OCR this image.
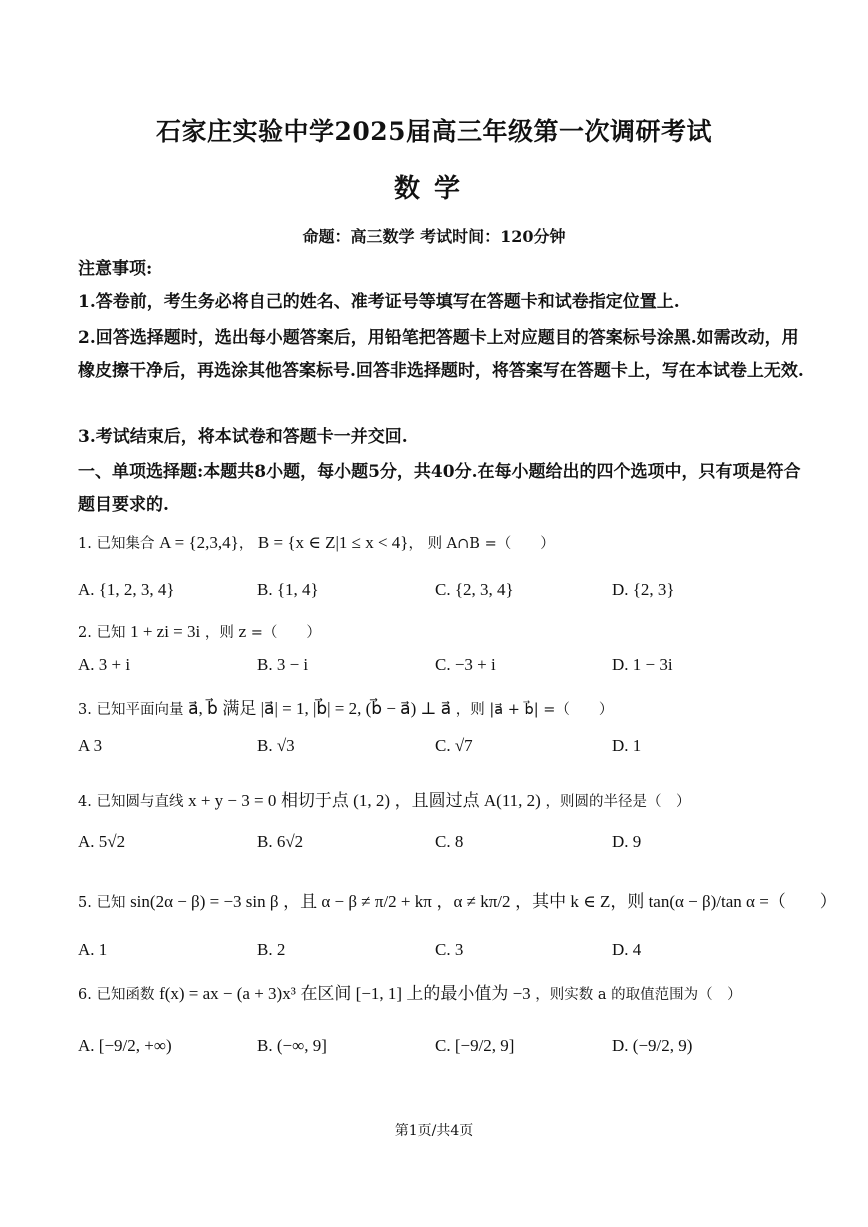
石家庄实验中学2025届高三年级第一次调研考试
数学
命题：高三数学 考试时间：120分钟
注意事项:
1.答卷前，考生务必将自己的姓名、准考证号等填写在答题卡和试卷指定位置上.
2.回答选择题时，选出每小题答案后，用铅笔把答题卡上对应题目的答案标号涂黑.如需改动，用橡皮擦干净后，再选涂其他答案标号.回答非选择题时，将答案写在答题卡上，写在本试卷上无效.
3.考试结束后，将本试卷和答题卡一并交回.
一、单项选择题:本题共8小题，每小题5分，共40分.在每小题给出的四个选项中，只有项是符合题目要求的.
1. 已知集合 A = {2,3,4}， B = {x ∈ Z|1 ≤ x < 4}， 则 A∩B =（　　）
A. {1, 2, 3, 4}	B. {1, 4}	C. {2, 3, 4}	D. {2, 3}
2. 已知 1 + zi = 3i ，则 z =（　　）
A. 3 + i	B. 3 − i	C. −3 + i	D. 1 − 3i
3. 已知平面向量 a⃗, b⃗ 满足 |a⃗| = 1, |b⃗| = 2, (b⃗ − a⃗) ⊥ a⃗ ，则 |a⃗ + b⃗| =（　　）
A 3	B. √3	C. √7	D. 1
4. 已知圆与直线 x + y − 3 = 0 相切于点 (1, 2) ，且圆过点 A(11, 2) ，则圆的半径是（　）
A. 5√2	B. 6√2	C. 8	D. 9
5. 已知 sin(2α − β) = −3 sin β ，且 α − β ≠ π/2 + kπ ，α ≠ kπ/2 ，其中 k ∈ Z，则 tan(α − β)/tan α =（　　）
A. 1	B. 2	C. 3	D. 4
6. 已知函数 f(x) = ax − (a + 3)x³ 在区间 [−1, 1] 上的最小值为 −3 ，则实数 a 的取值范围为（　）
A. [−9/2, +∞)	B. (−∞, 9]	C. [−9/2, 9]	D. (−9/2, 9)
第1页/共4页
